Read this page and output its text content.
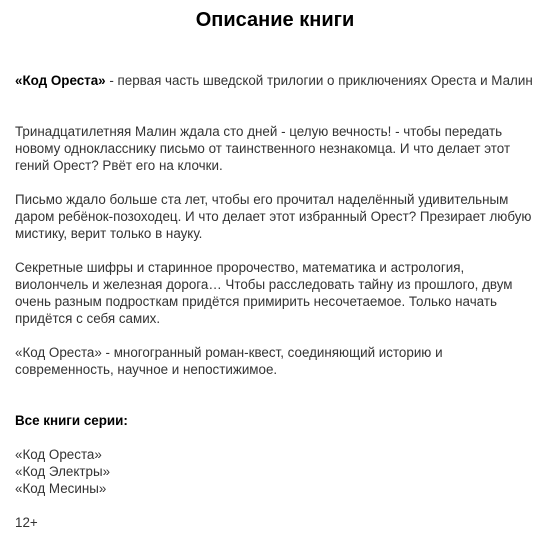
Описание книги

«Код Ореста» - первая часть шведской трилогии о приключениях Ореста и Малин

Тринадцатилетняя Малин ждала сто дней - целую вечность! - чтобы передать новому однокласснику письмо от таинственного незнакомца. И что делает этот гений Орест? Рвёт его на клочки.

Письмо ждало больше ста лет, чтобы его прочитал наделённый удивительным даром ребёнок-позоходец. И что делает этот избранный Орест? Презирает любую мистику, верит только в науку.

Секретные шифры и старинное пророчество, математика и астрология, виолончель и железная дорога… Чтобы расследовать тайну из прошлого, двум очень разным подросткам придётся примирить несочетаемое. Только начать придётся с себя самих.

«Код Ореста» - многогранный роман-квест, соединяющий историю и современность, научное и непостижимое.

Все книги серии:

«Код Ореста»
«Код Электры»
«Код Месины»

12+
